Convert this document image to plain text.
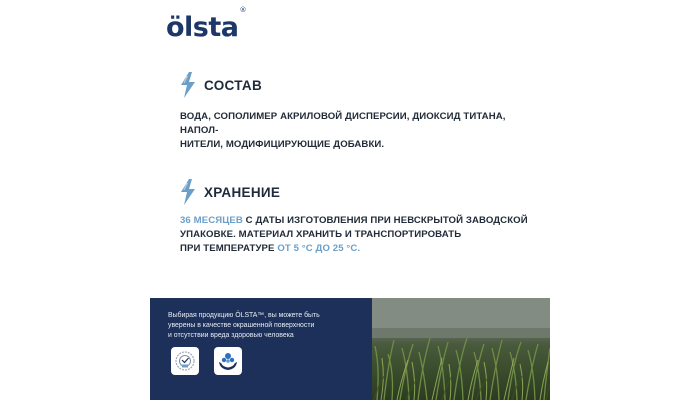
ölsta®
СОСТАВ
ВОДА, СОПОЛИМЕР АКРИЛОВОЙ ДИСПЕРСИИ, ДИОКСИД ТИТАНА, НАПОЛ-
НИТЕЛИ, МОДИФИЦИРУЮЩИЕ ДОБАВКИ.
ХРАНЕНИЕ
36 МЕСЯЦЕВ С ДАТЫ ИЗГОТОВЛЕНИЯ ПРИ НЕВСКРЫТОЙ ЗАВОДСКОЙ
УПАКОВКЕ. МАТЕРИАЛ ХРАНИТЬ И ТРАНСПОРТИРОВАТЬ
ПРИ ТЕМПЕРАТУРЕ ОТ 5 °С ДО 25 °С.
Выбирая продукцию ÖLSTA™, вы можете быть
уверены в качестве окрашенной поверхности
и отсутствии вреда здоровью человека
